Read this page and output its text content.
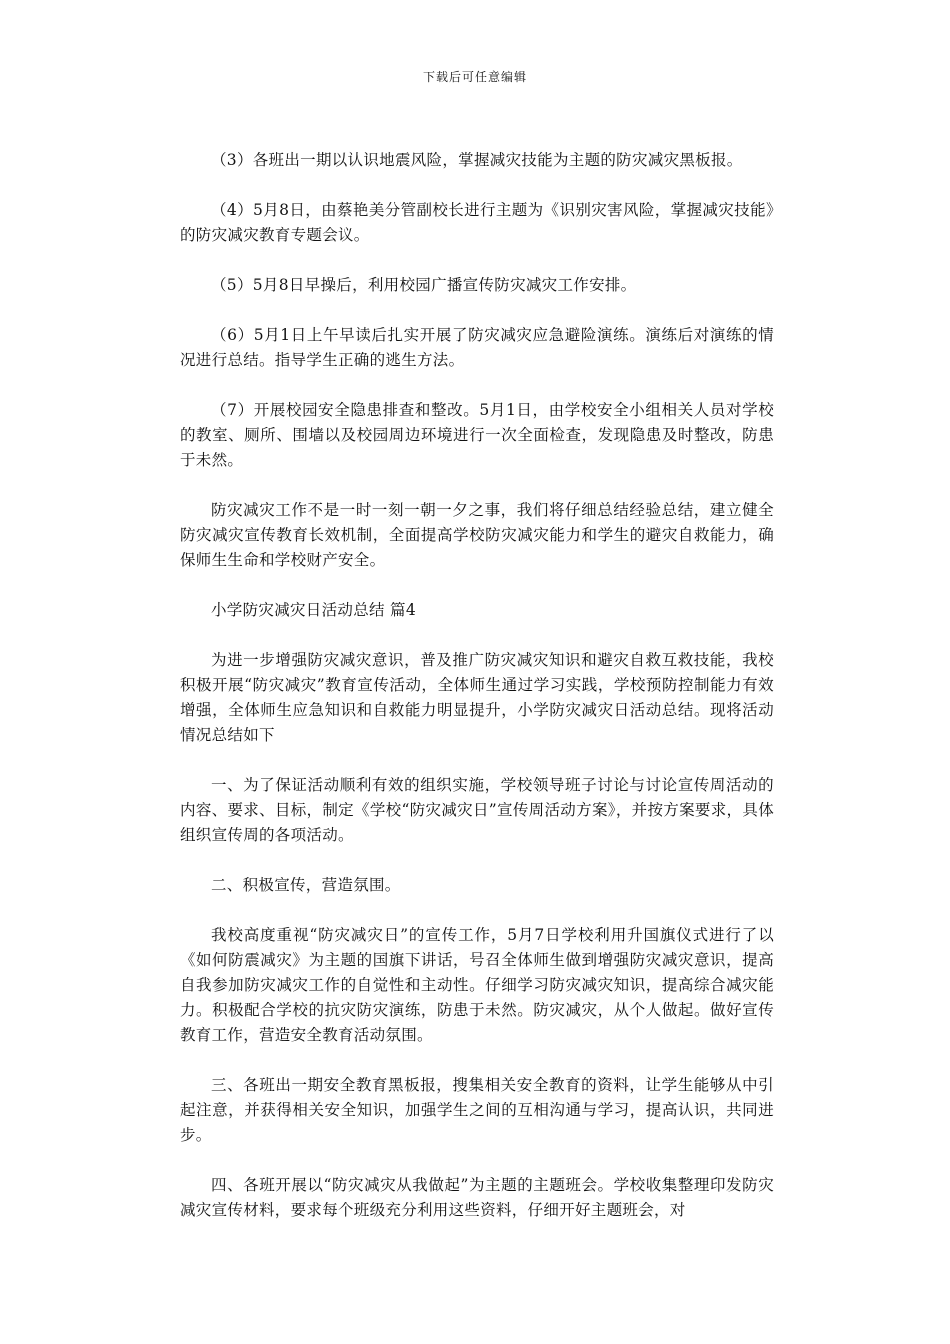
下载后可任意编辑

（3）各班出一期以认识地震风险，掌握减灾技能为主题的防灾减灾黑板报。

（4）5月8日，由蔡艳美分管副校长进行主题为《识别灾害风险，掌握减灾技能》的防灾减灾教育专题会议。

（5）5月8日早操后，利用校园广播宣传防灾减灾工作安排。

（6）5月1日上午早读后扎实开展了防灾减灾应急避险演练。演练后对演练的情况进行总结。指导学生正确的逃生方法。

（7）开展校园安全隐患排查和整改。5月1日，由学校安全小组相关人员对学校的教室、厕所、围墙以及校园周边环境进行一次全面检查，发现隐患及时整改，防患于未然。

防灾减灾工作不是一时一刻一朝一夕之事，我们将仔细总结经验总结，建立健全防灾减灾宣传教育长效机制，全面提高学校防灾减灾能力和学生的避灾自救能力，确保师生生命和学校财产安全。

小学防灾减灾日活动总结 篇4

为进一步增强防灾减灾意识，普及推广防灾减灾知识和避灾自救互救技能，我校积极开展“防灾减灾”教育宣传活动，全体师生通过学习实践，学校预防控制能力有效增强，全体师生应急知识和自救能力明显提升，小学防灾减灾日活动总结。现将活动情况总结如下

一、为了保证活动顺利有效的组织实施，学校领导班子讨论与讨论宣传周活动的内容、要求、目标，制定《学校“防灾减灾日”宣传周活动方案》，并按方案要求，具体组织宣传周的各项活动。

二、积极宣传，营造氛围。

我校高度重视“防灾减灾日”的宣传工作，5月7日学校利用升国旗仪式进行了以《如何防震减灾》为主题的国旗下讲话，号召全体师生做到增强防灾减灾意识，提高自我参加防灾减灾工作的自觉性和主动性。仔细学习防灾减灾知识，提高综合减灾能力。积极配合学校的抗灾防灾演练，防患于未然。防灾减灾，从个人做起。做好宣传教育工作，营造安全教育活动氛围。

三、各班出一期安全教育黑板报，搜集相关安全教育的资料，让学生能够从中引起注意，并获得相关安全知识，加强学生之间的互相沟通与学习，提高认识，共同进步。

四、各班开展以“防灾减灾从我做起”为主题的主题班会。学校收集整理印发防灾减灾宣传材料，要求每个班级充分利用这些资料，仔细开好主题班会，对
